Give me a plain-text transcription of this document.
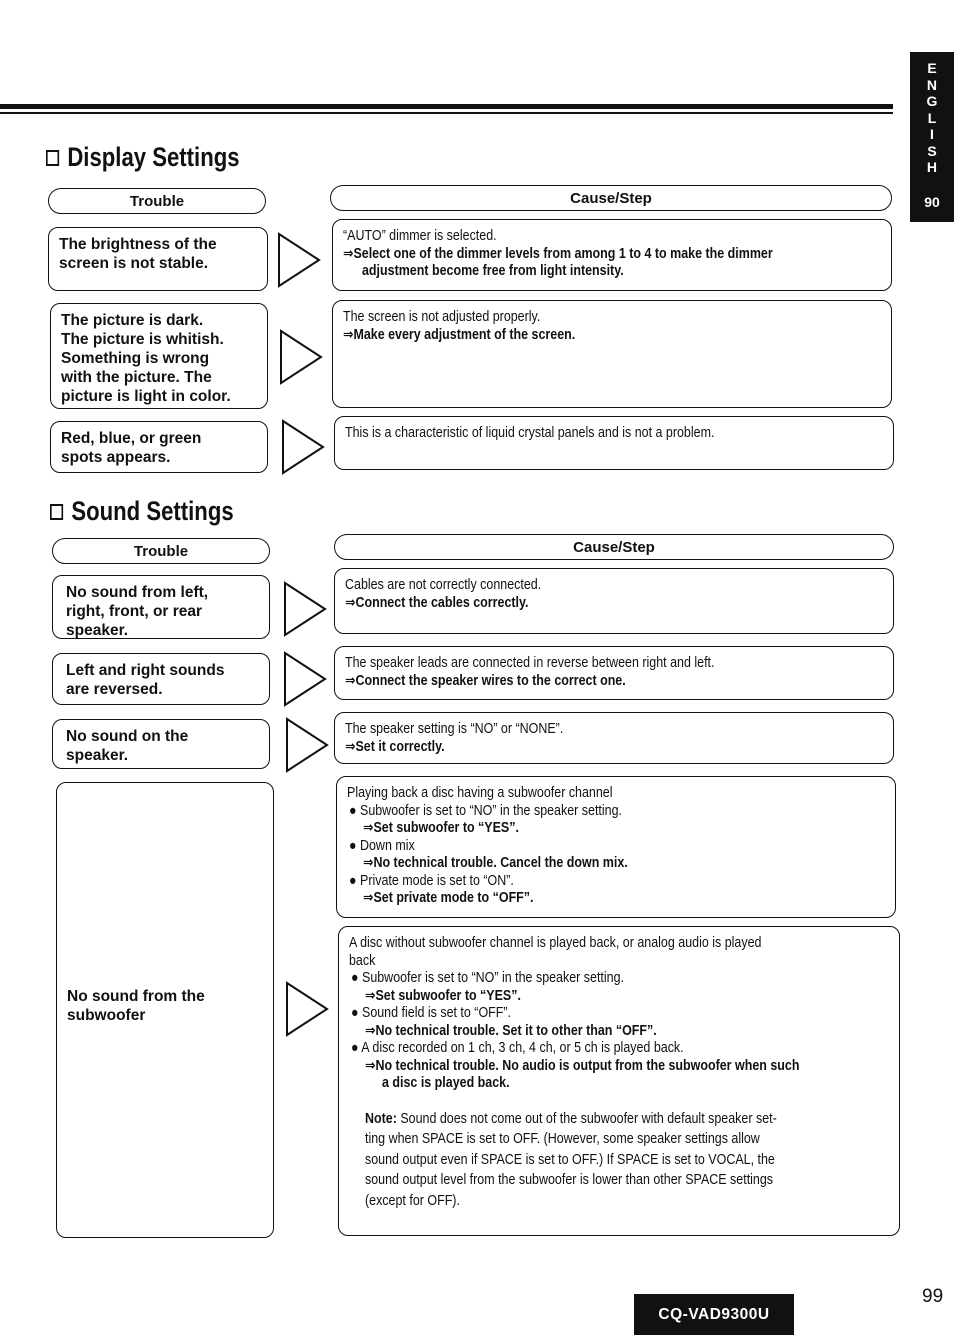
E
N
G
L
I
S
H
90
Display Settings
Trouble	Cause/Step
The brightness of the
screen is not stable.
“AUTO” dimmer is selected.
⇒Select one of the dimmer levels from among 1 to 4 to make the dimmer
adjustment become free from light intensity.
The picture is dark.
The picture is whitish.
Something is wrong
with the picture. The
picture is light in color.
The screen is not adjusted properly.
⇒Make every adjustment of the screen.
Red, blue, or green
spots appears.
This is a characteristic of liquid crystal panels and is not a problem.
Sound Settings
Trouble	Cause/Step
No sound from left,
right, front, or rear
speaker.
Cables are not correctly connected.
⇒Connect the cables correctly.
Left and right sounds
are reversed.
The speaker leads are connected in reverse between right and left.
⇒Connect the speaker wires to the correct one.
No sound on the
speaker.
The speaker setting is “NO” or “NONE”.
⇒Set it correctly.
No sound from the
subwoofer
Playing back a disc having a subwoofer channel
● Subwoofer is set to “NO” in the speaker setting.
⇒Set subwoofer to “YES”.
● Down mix
⇒No technical trouble. Cancel the down mix.
● Private mode is set to “ON”.
⇒Set private mode to “OFF”.
A disc without subwoofer channel is played back, or analog audio is played
back
● Subwoofer is set to “NO” in the speaker setting.
⇒Set subwoofer to “YES”.
● Sound field is set to “OFF”.
⇒No technical trouble. Set it to other than “OFF”.
● A disc recorded on 1 ch, 3 ch, 4 ch, or 5 ch is played back.
⇒No technical trouble. No audio is output from the subwoofer when such
a disc is played back.
Note: Sound does not come out of the subwoofer with default speaker set-
ting when SPACE is set to OFF. (However, some speaker settings allow
sound output even if SPACE is set to OFF.) If SPACE is set to VOCAL, the
sound output level from the subwoofer is lower than other SPACE settings
(except for OFF).
CQ-VAD9300U
99
